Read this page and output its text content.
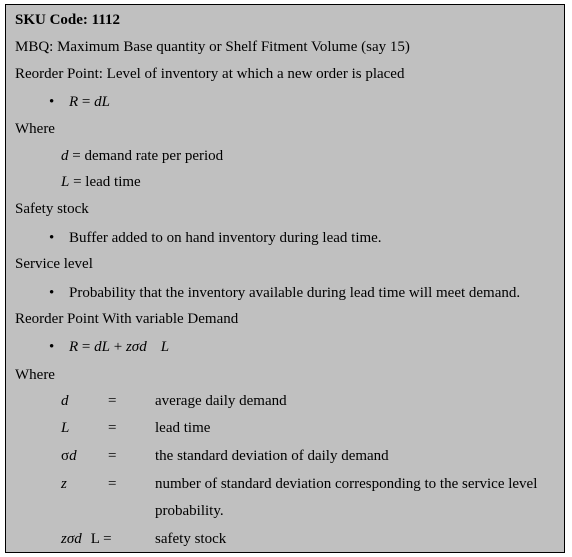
SKU Code: 1112
MBQ: Maximum Base quantity or Shelf Fitment Volume (say 15)
Reorder Point: Level of inventory at which a new order is placed
• R = dL
Where
d = demand rate per period
L = lead time
Safety stock
• Buffer added to on hand inventory during lead time.
Service level
• Probability that the inventory available during lead time will meet demand.
Reorder Point With variable Demand
• R = dL + zσd L
Where
d	=	average daily demand
L	=	lead time
σd =	the standard deviation of daily demand
z	=	number of standard deviation corresponding to the service level
probability.
zσd L =	safety stock
